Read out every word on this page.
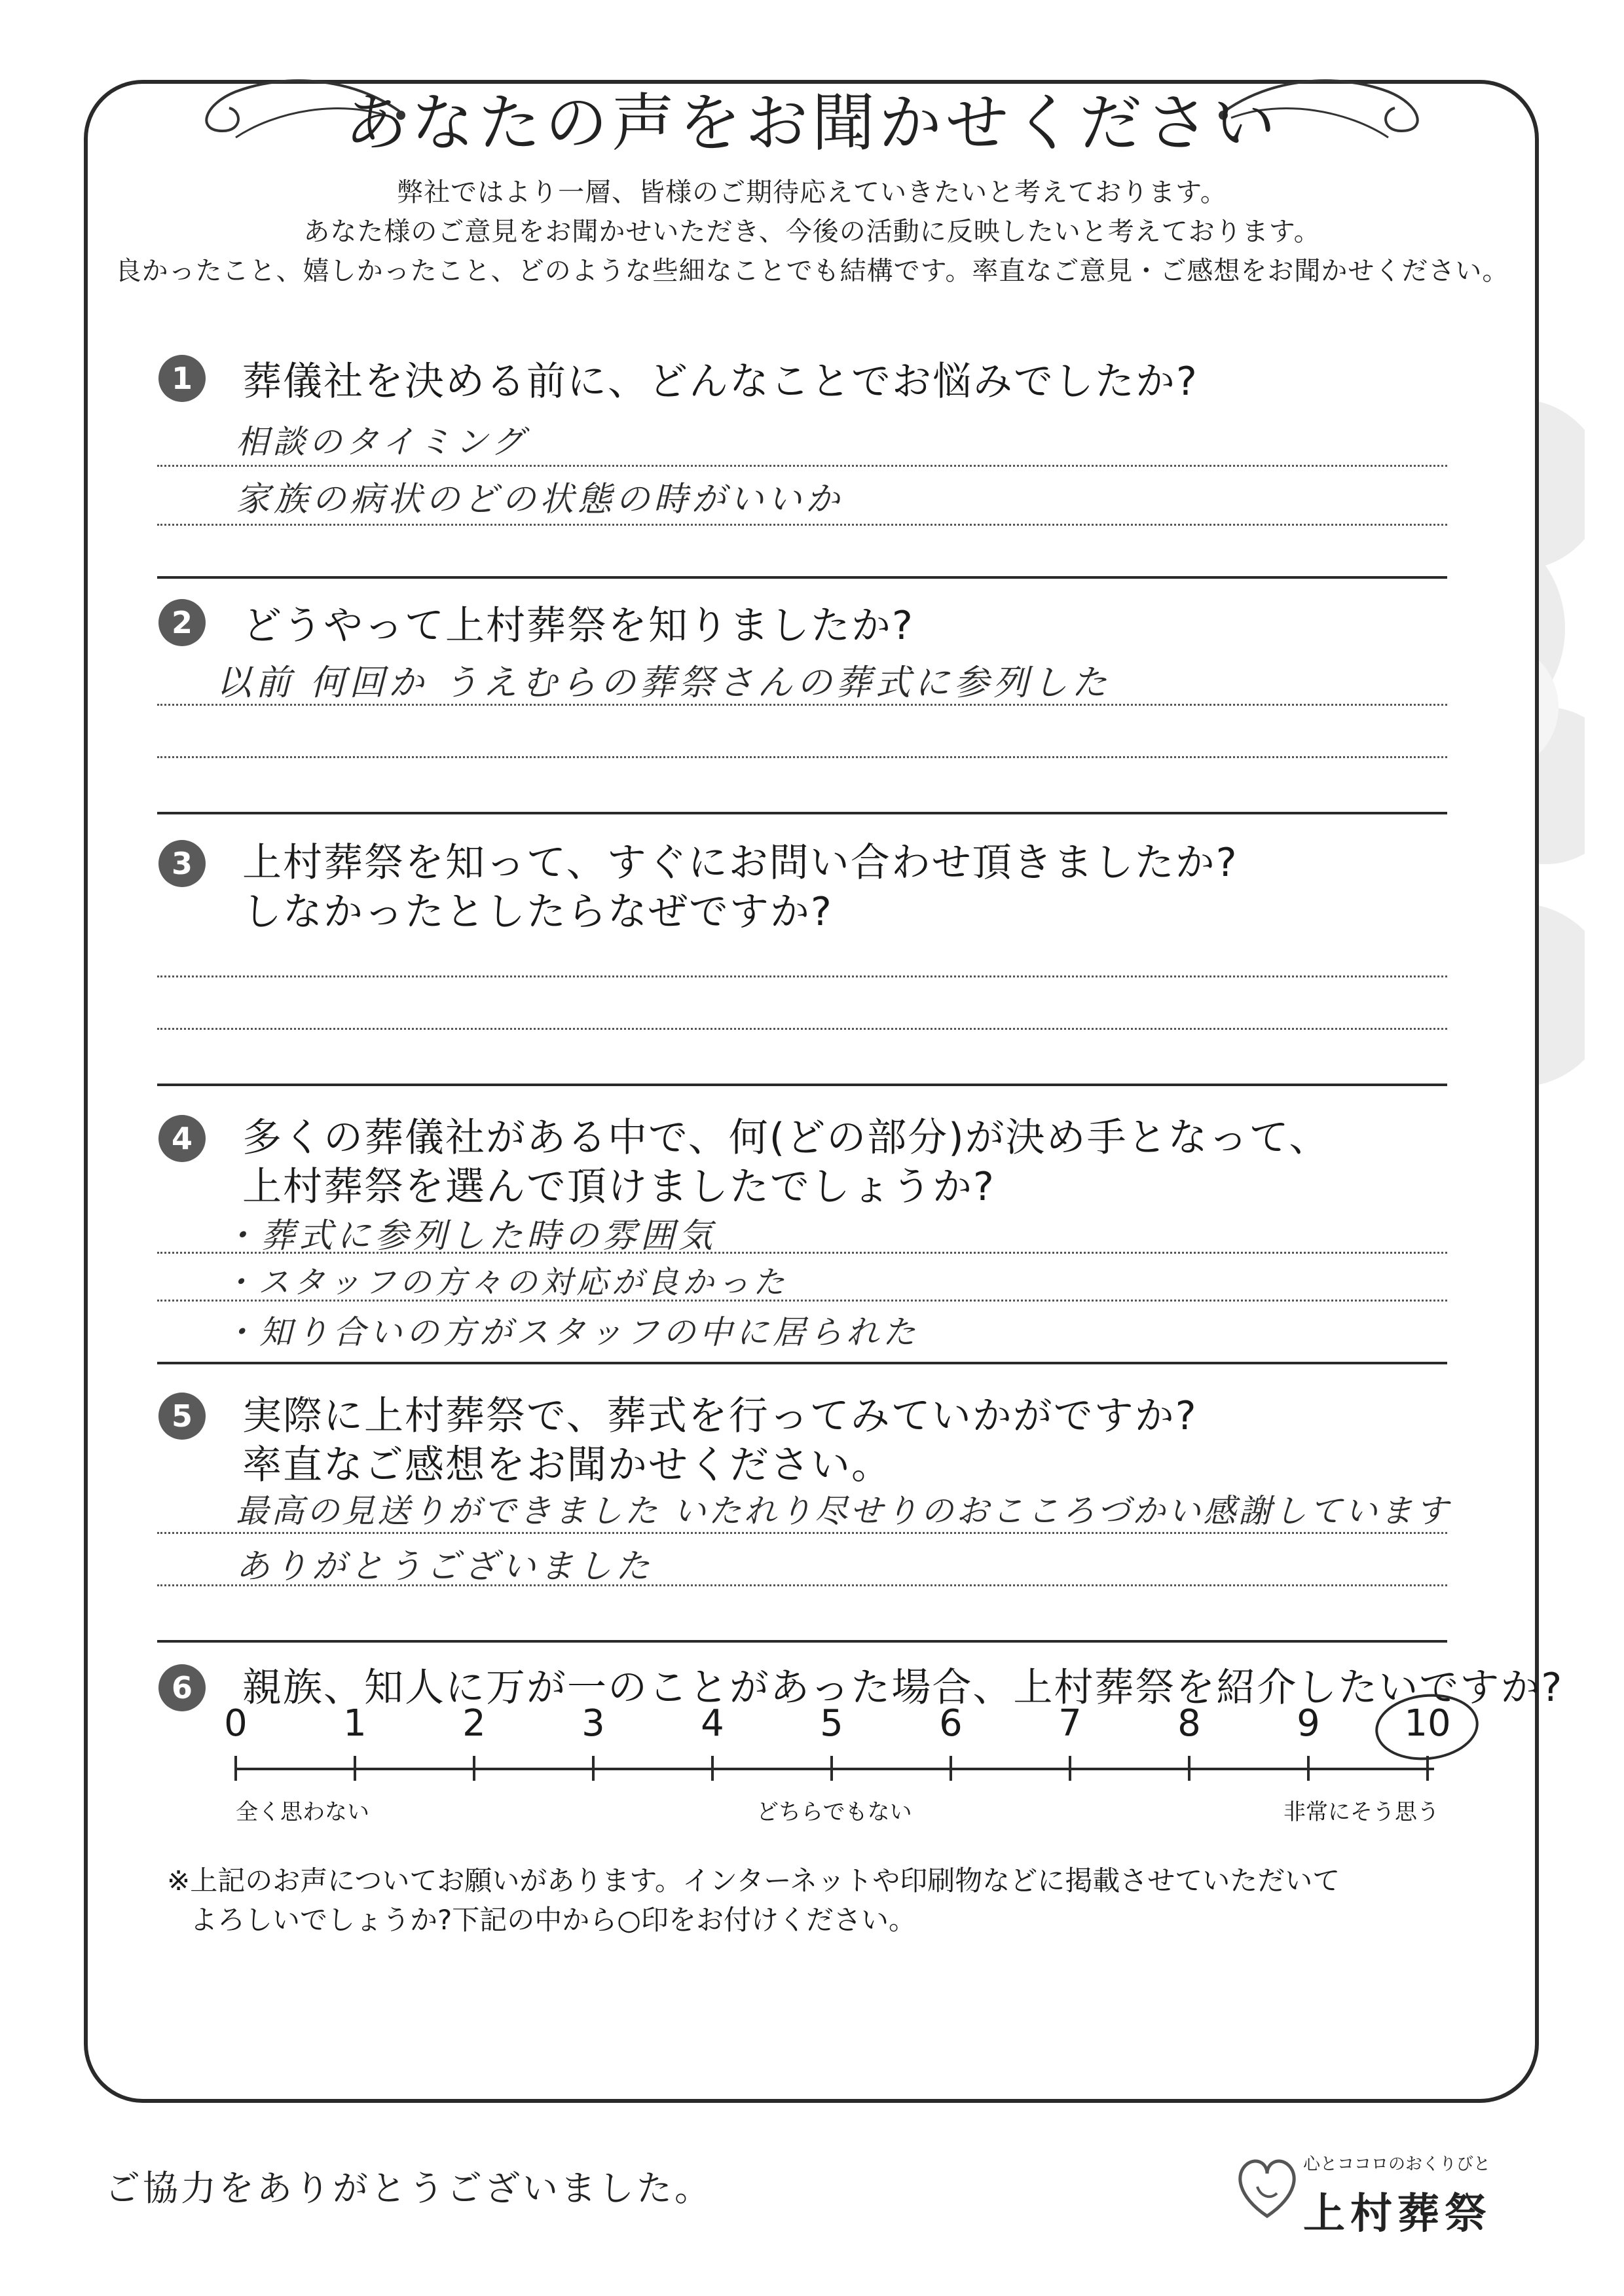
あなたの声をお聞かせください
弊社ではより一層、皆様のご期待応えていきたいと考えております。
あなた様のご意見をお聞かせいただき、今後の活動に反映したいと考えております。
良かったこと、嬉しかったこと、どのような些細なことでも結構です。率直なご意見・ご感想をお聞かせください。
1	葬儀社を決める前に、どんなことでお悩みでしたか?
相談のタイミング
家族の病状のどの状態の時がいいか
2	どうやって上村葬祭を知りましたか?
以前 何回か うえむらの葬祭さんの葬式に参列した
3	上村葬祭を知って、すぐにお問い合わせ頂きましたか?
しなかったとしたらなぜですか?
4	多くの葬儀社がある中で、何(どの部分)が決め手となって、
上村葬祭を選んで頂けましたでしょうか?
・葬式に参列した時の雰囲気
・スタッフの方々の対応が良かった
・知り合いの方がスタッフの中に居られた
5	実際に上村葬祭で、葬式を行ってみていかがですか?
率直なご感想をお聞かせください。
最高の見送りができました いたれり尽せりのおこころづかい感謝しています
ありがとうございました
6	親族、知人に万が一のことがあった場合、上村葬祭を紹介したいですか?
0	1	2	3	4	5	6	7	8	9	10
全く思わない	どちらでもない	非常にそう思う
※上記のお声についてお願いがあります。インターネットや印刷物などに掲載させていただいて
よろしいでしょうか?下記の中から○印をお付けください。
ご協力をありがとうございました。
心とココロのおくりびと
上村葬祭
